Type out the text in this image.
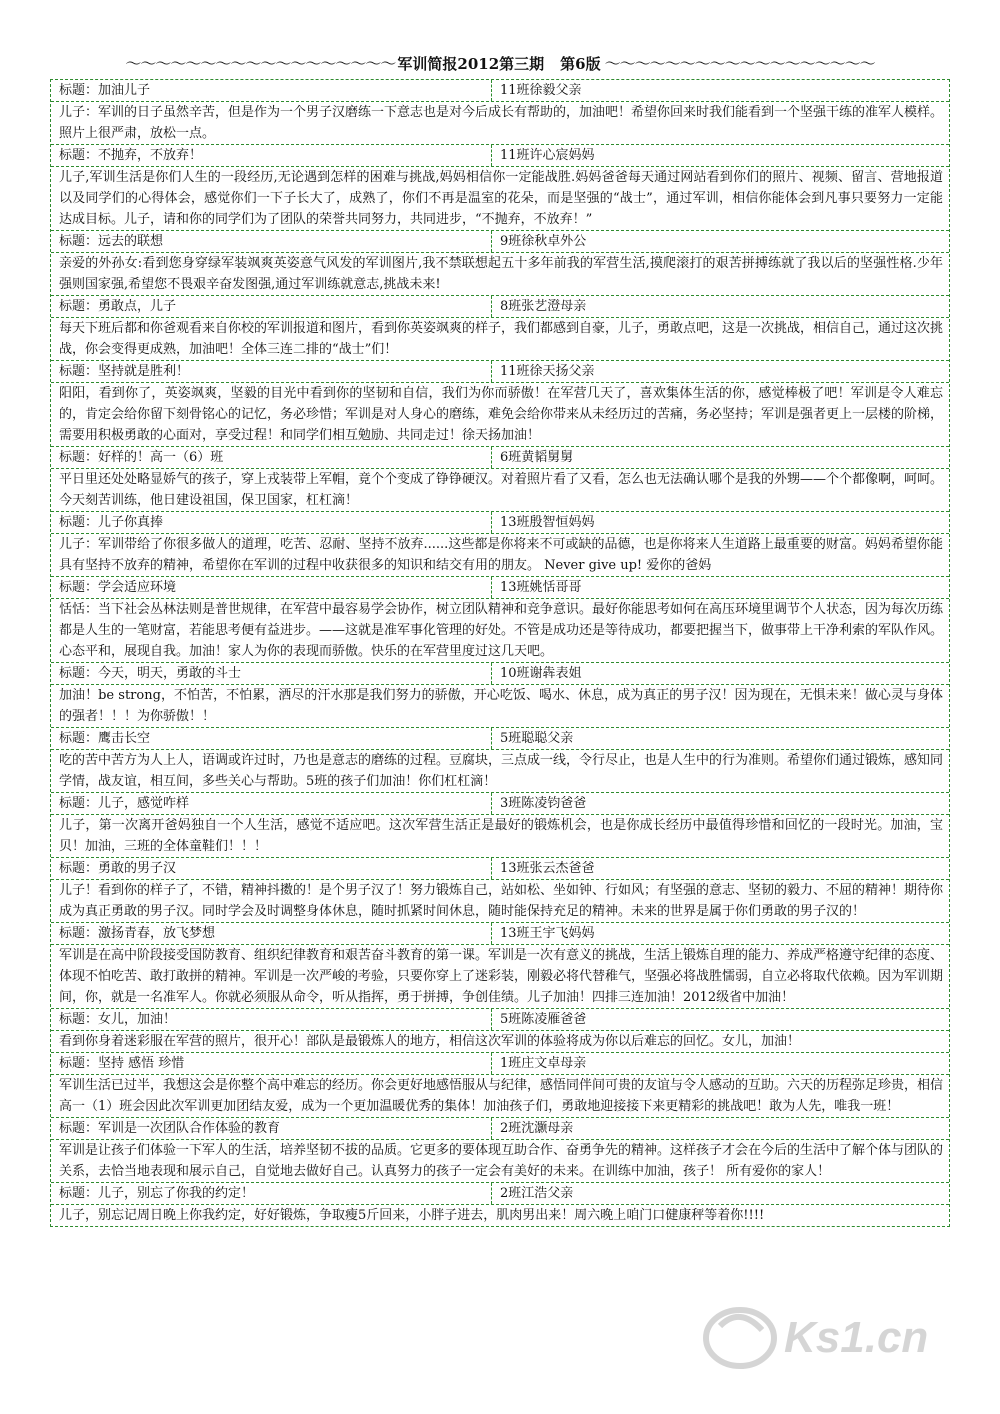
～～～～～～～～～～～～～～～～～～ 军训简报2012第三期	第6版 ～～～～～～～～～～～～～～～～～～
标题：加油儿子	11班徐毅父亲
儿子：军训的日子虽然辛苦，但是作为一个男子汉磨练一下意志也是对今后成长有帮助的，加油吧！希望你回来时我们能看到一个坚强干练的准军人模样。照片上很严肃，放松一点。
标题：不抛弃，不放弃！	11班许心宸妈妈
儿子,军训生活是你们人生的一段经历,无论遇到怎样的困难与挑战,妈妈相信你一定能战胜.妈妈爸爸每天通过网站看到你们的照片、视频、留言、营地报道以及同学们的心得体会，感觉你们一下子长大了，成熟了，你们不再是温室的花朵，而是坚强的“战士”，通过军训，相信你能体会到凡事只要努力一定能达成目标。儿子，请和你的同学们为了团队的荣誉共同努力，共同进步，“不抛弃，不放弃！”
标题：远去的联想	9班徐秋卓外公
亲爱的外孙女:看到您身穿绿军装飒爽英姿意气风发的军训图片,我不禁联想起五十多年前我的军营生活,摸爬滚打的艰苦拼搏练就了我以后的坚强性格.少年强则国家强,希望您不畏艰辛奋发图强,通过军训练就意志,挑战未来!
标题：勇敢点，儿子	8班张艺澄母亲
每天下班后都和你爸观看来自你校的军训报道和图片，看到你英姿飒爽的样子，我们都感到自豪，儿子，勇敢点吧，这是一次挑战，相信自己，通过这次挑战，你会变得更成熟，加油吧！全体三连二排的“战士”们！
标题：坚持就是胜利！	11班徐天扬父亲
阳阳，看到你了，英姿飒爽，坚毅的目光中看到你的坚韧和自信，我们为你而骄傲！在军营几天了，喜欢集体生活的你，感觉棒极了吧！军训是令人难忘的，肯定会给你留下刻骨铭心的记忆，务必珍惜；军训是对人身心的磨练，难免会给你带来从未经历过的苦痛，务必坚持；军训是强者更上一层楼的阶梯，需要用积极勇敢的心面对，享受过程！和同学们相互勉励、共同走过！徐天扬加油！
标题：好样的！高一（6）班	6班黄韬舅舅
平日里还处处略显娇气的孩子，穿上戎装带上军帽，竟个个变成了铮铮硬汉。对着照片看了又看，怎么也无法确认哪个是我的外甥——个个都像啊，呵呵。今天刻苦训练，他日建设祖国，保卫国家，杠杠滴！
标题：儿子你真捧	13班殷智恒妈妈
儿子：军训带给了你很多做人的道理，吃苦、忍耐、坚持不放弃......这些都是你将来不可或缺的品德，也是你将来人生道路上最重要的财富。妈妈希望你能具有坚持不放弃的精神，希望你在军训的过程中收获很多的知识和结交有用的朋友。 Never give up! 爱你的爸妈
标题：学会适应环境	13班姚恬哥哥
恬恬：当下社会丛林法则是普世规律，在军营中最容易学会协作，树立团队精神和竞争意识。最好你能思考如何在高压环境里调节个人状态，因为每次历练都是人生的一笔财富，若能思考便有益进步。——这就是准军事化管理的好处。不管是成功还是等待成功，都要把握当下，做事带上干净利索的军队作风。心态平和，展现自我。加油！家人为你的表现而骄傲。快乐的在军营里度过这几天吧。
标题：今天，明天，勇敢的斗士	10班谢犇表姐
加油！be strong，不怕苦，不怕累，洒尽的汗水那是我们努力的骄傲，开心吃饭、喝水、休息，成为真正的男子汉！因为现在，无惧未来！做心灵与身体的强者！！！为你骄傲！！
标题：鹰击长空	5班聪聪父亲
吃的苦中苦方为人上人，语调或许过时，乃也是意志的磨练的过程。豆腐块，三点成一线，令行尽止，也是人生中的行为准则。希望你们通过锻炼，感知同学情，战友谊，相互间，多些关心与帮助。5班的孩子们加油！你们杠杠滴！
标题：儿子，感觉咋样	3班陈凌钧爸爸
儿子，第一次离开爸妈独自一个人生活，感觉不适应吧。这次军营生活正是最好的锻炼机会，也是你成长经历中最值得珍惜和回忆的一段时光。加油，宝贝！加油，三班的全体童鞋们！！！
标题：勇敢的男子汉	13班张云杰爸爸
儿子！看到你的样子了，不错，精神抖擞的！是个男子汉了！努力锻炼自己，站如松、坐如钟、行如风；有坚强的意志、坚韧的毅力、不屈的精神！期待你成为真正勇敢的男子汉。同时学会及时调整身体休息，随时抓紧时间休息，随时能保持充足的精神。未来的世界是属于你们勇敢的男子汉的！
标题：激扬青春，放飞梦想	13班王宇飞妈妈
军训是在高中阶段接受国防教育、组织纪律教育和艰苦奋斗教育的第一课。军训是一次有意义的挑战，生活上锻炼自理的能力、养成严格遵守纪律的态度、体现不怕吃苦、敢打敢拼的精神。军训是一次严峻的考验，只要你穿上了迷彩装，刚毅必将代替稚气，坚强必将战胜懦弱，自立必将取代依赖。因为军训期间，你，就是一名准军人。你就必须服从命令，听从指挥，勇于拼搏，争创佳绩。儿子加油！四排三连加油！2012级省中加油！
标题：女儿，加油！	5班陈凌雁爸爸
看到你身着迷彩服在军营的照片，很开心！部队是最锻炼人的地方，相信这次军训的体验将成为你以后难忘的回忆。女儿，加油！
标题：坚持 感悟 珍惜	1班庄文卓母亲
军训生活已过半，我想这会是你整个高中难忘的经历。你会更好地感悟服从与纪律，感悟同伴间可贵的友谊与令人感动的互助。六天的历程弥足珍贵，相信高一（1）班会因此次军训更加团结友爱，成为一个更加温暖优秀的集体！加油孩子们，勇敢地迎接接下来更精彩的挑战吧！敢为人先，唯我一班！
标题：军训是一次团队合作体验的教育	2班沈灏母亲
军训是让孩子们体验一下军人的生活，培养坚韧不拔的品质。它更多的要体现互助合作、奋勇争先的精神。这样孩子才会在今后的生活中了解个体与团队的关系，去恰当地表现和展示自己，自觉地去做好自己。认真努力的孩子一定会有美好的未来。在训练中加油，孩子！ 所有爱你的家人！
标题：儿子，别忘了你我的约定！	2班江浩父亲
儿子，别忘记周日晚上你我约定，好好锻炼，争取瘦5斤回来，小胖子进去，肌肉男出来！周六晚上咱门口健康秤等着你!!!!
Ks1.cn
